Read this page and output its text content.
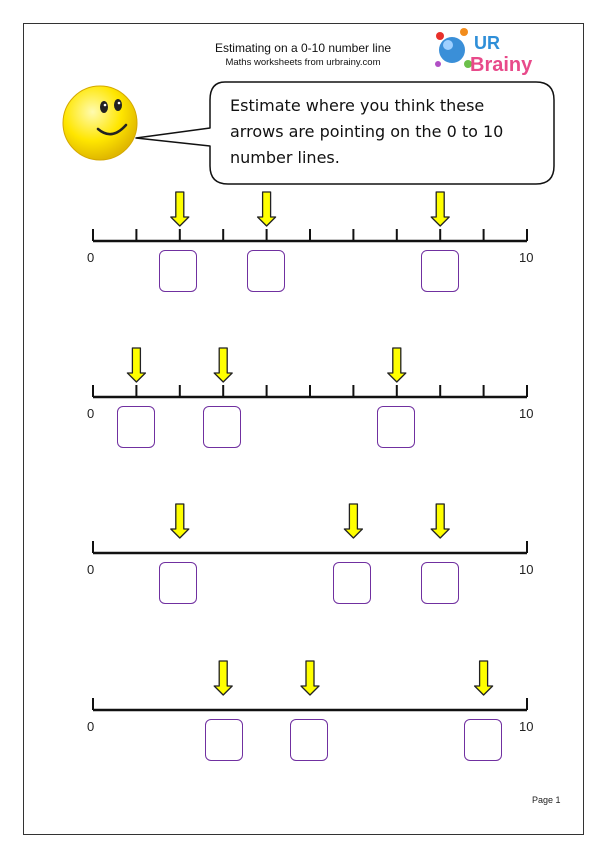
Estimating on a 0-10 number line
Maths worksheets from urbrainy.com
UR
Brainy
Estimate where you think these arrows are pointing on the 0 to 10 number lines.
0	10
0	10
0	10
0	10
Page 1
